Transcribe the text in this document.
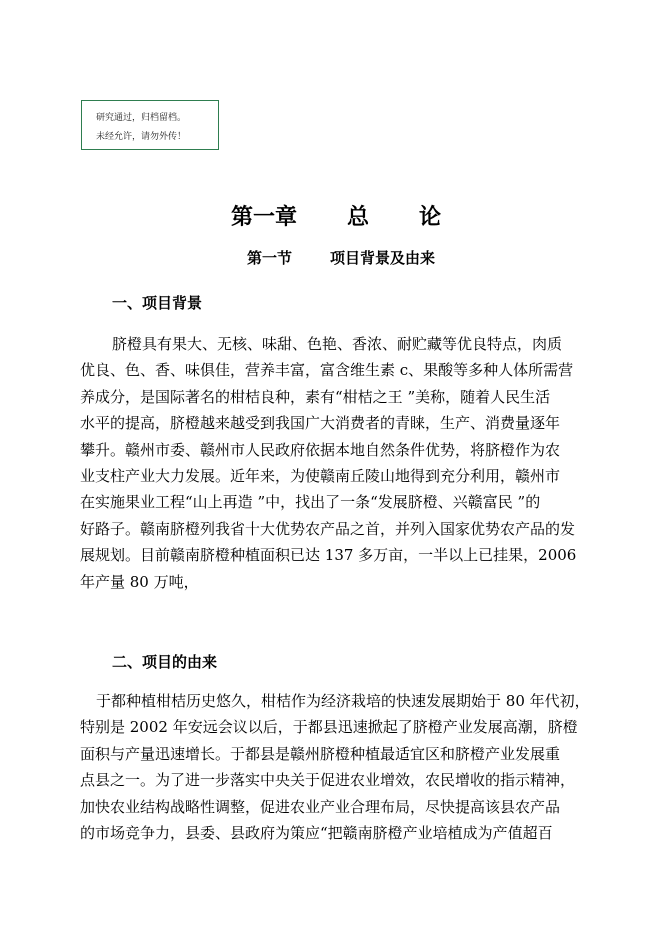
研究通过，归档留档。
未经允许，请勿外传！
第一章 总 论
第一节	项目背景及由来
一、项目背景
脐橙具有果大、无核、味甜、色艳、香浓、耐贮藏等优良特点，肉质
优良、色、香、味俱佳，营养丰富，富含维生素 c、果酸等多种人体所需营
养成分，是国际著名的柑桔良种，素有“柑桔之王 ”美称，随着人民生活
水平的提高，脐橙越来越受到我国广大消费者的青睐，生产、消费量逐年
攀升。赣州市委、赣州市人民政府依据本地自然条件优势，将脐橙作为农
业支柱产业大力发展。近年来，为使赣南丘陵山地得到充分利用，赣州市
在实施果业工程“山上再造 ”中，找出了一条“发展脐橙、兴赣富民 ”的
好路子。赣南脐橙列我省十大优势农产品之首，并列入国家优势农产品的发
展规划。目前赣南脐橙种植面积已达 137 多万亩，一半以上已挂果，2006
年产量 80 万吨，
二、项目的由来
于都种植柑桔历史悠久，柑桔作为经济栽培的快速发展期始于 80 年代初，
特别是 2002 年安远会议以后，于都县迅速掀起了脐橙产业发展高潮，脐橙
面积与产量迅速增长。于都县是赣州脐橙种植最适宜区和脐橙产业发展重
点县之一。为了进一步落实中央关于促进农业增效，农民增收的指示精神，
加快农业结构战略性调整，促进农业产业合理布局，尽快提高该县农产品
的市场竞争力，县委、县政府为策应“把赣南脐橙产业培植成为产值超百
